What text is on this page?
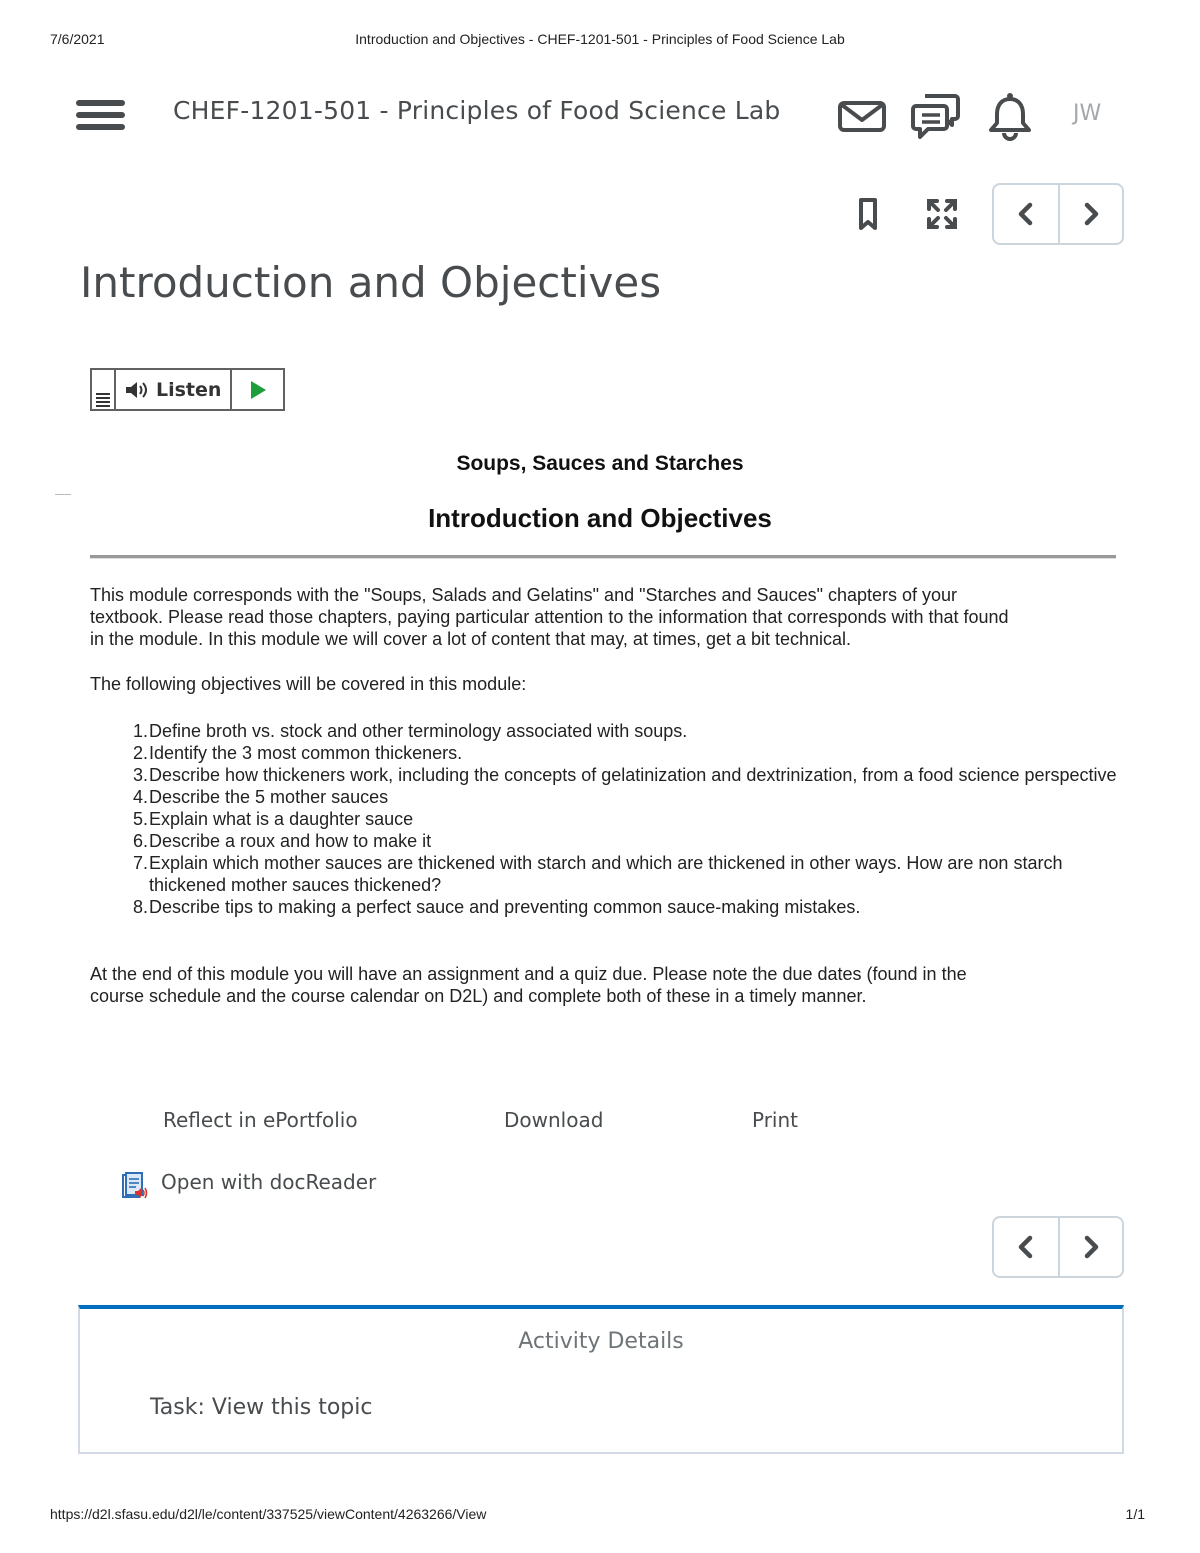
7/6/2021	Introduction and Objectives - CHEF-1201-501 - Principles of Food Science Lab
CHEF-1201-501 - Principles of Food Science Lab	JW
Introduction and Objectives
Listen
Soups, Sauces and Starches
Introduction and Objectives
This module corresponds with the "Soups, Salads and Gelatins" and "Starches and Sauces" chapters of your
textbook. Please read those chapters, paying particular attention to the information that corresponds with that found
in the module. In this module we will cover a lot of content that may, at times, get a bit technical.
The following objectives will be covered in this module:
1. Define broth vs. stock and other terminology associated with soups.
2. Identify the 3 most common thickeners.
3. Describe how thickeners work, including the concepts of gelatinization and dextrinization, from a food science perspective
4. Describe the 5 mother sauces
5. Explain what is a daughter sauce
6. Describe a roux and how to make it
7. Explain which mother sauces are thickened with starch and which are thickened in other ways. How are non starch thickened mother sauces thickened?
8. Describe tips to making a perfect sauce and preventing common sauce-making mistakes.
At the end of this module you will have an assignment and a quiz due. Please note the due dates (found in the
course schedule and the course calendar on D2L) and complete both of these in a timely manner.
Reflect in ePortfolio	Download	Print
Open with docReader
Activity Details
Task: View this topic
https://d2l.sfasu.edu/d2l/le/content/337525/viewContent/4263266/View	1/1
